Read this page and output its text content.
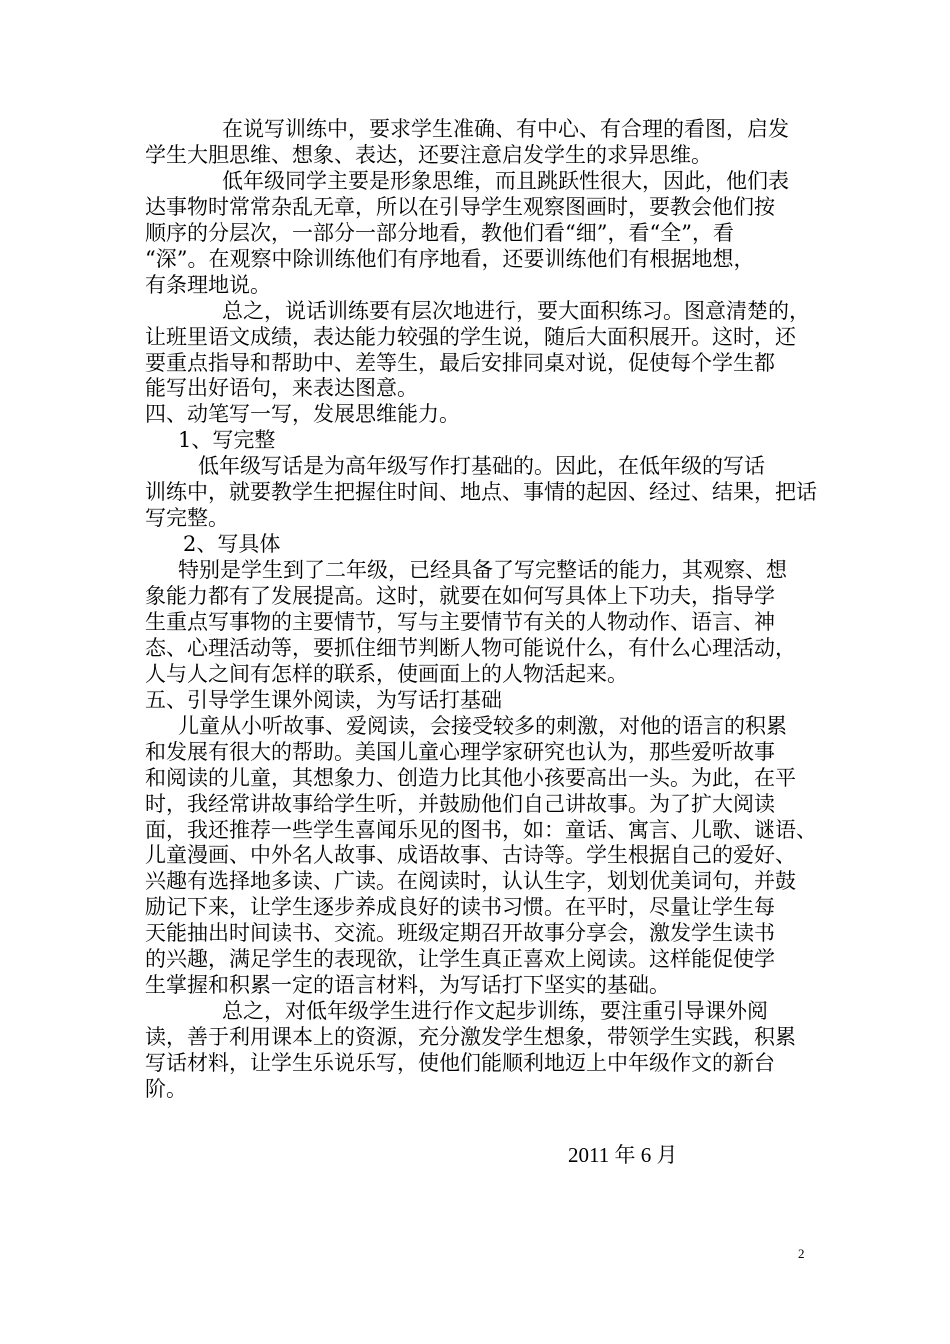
在说写训练中，要求学生准确、有中心、有合理的看图，启发
学生大胆思维、想象、表达，还要注意启发学生的求异思维。
低年级同学主要是形象思维，而且跳跃性很大，因此，他们表
达事物时常常杂乱无章，所以在引导学生观察图画时，要教会他们按
顺序的分层次，一部分一部分地看，教他们看“细”，看“全”，看
“深”。在观察中除训练他们有序地看，还要训练他们有根据地想，
有条理地说。
总之，说话训练要有层次地进行，要大面积练习。图意清楚的，
让班里语文成绩，表达能力较强的学生说，随后大面积展开。这时，还
要重点指导和帮助中、差等生，最后安排同桌对说，促使每个学生都
能写出好语句，来表达图意。
四、动笔写一写，发展思维能力。
1、写完整
低年级写话是为高年级写作打基础的。因此，在低年级的写话
训练中，就要教学生把握住时间、地点、事情的起因、经过、结果，把话
写完整。
2、写具体
特别是学生到了二年级，已经具备了写完整话的能力，其观察、想
象能力都有了发展提高。这时，就要在如何写具体上下功夫，指导学
生重点写事物的主要情节，写与主要情节有关的人物动作、语言、神
态、心理活动等，要抓住细节判断人物可能说什么，有什么心理活动，
人与人之间有怎样的联系，使画面上的人物活起来。
五、引导学生课外阅读，为写话打基础
儿童从小听故事、爱阅读，会接受较多的刺激，对他的语言的积累
和发展有很大的帮助。美国儿童心理学家研究也认为，那些爱听故事
和阅读的儿童，其想象力、创造力比其他小孩要高出一头。为此，在平
时，我经常讲故事给学生听，并鼓励他们自己讲故事。为了扩大阅读
面，我还推荐一些学生喜闻乐见的图书，如：童话、寓言、儿歌、谜语、
儿童漫画、中外名人故事、成语故事、古诗等。学生根据自己的爱好、
兴趣有选择地多读、广读。在阅读时，认认生字，划划优美词句，并鼓
励记下来，让学生逐步养成良好的读书习惯。在平时，尽量让学生每
天能抽出时间读书、交流。班级定期召开故事分享会，激发学生读书
的兴趣，满足学生的表现欲，让学生真正喜欢上阅读。这样能促使学
生掌握和积累一定的语言材料，为写话打下坚实的基础。
总之，对低年级学生进行作文起步训练，要注重引导课外阅
读，善于利用课本上的资源，充分激发学生想象，带领学生实践，积累
写话材料，让学生乐说乐写，使他们能顺利地迈上中年级作文的新台
阶。
2011 年 6 月
2
